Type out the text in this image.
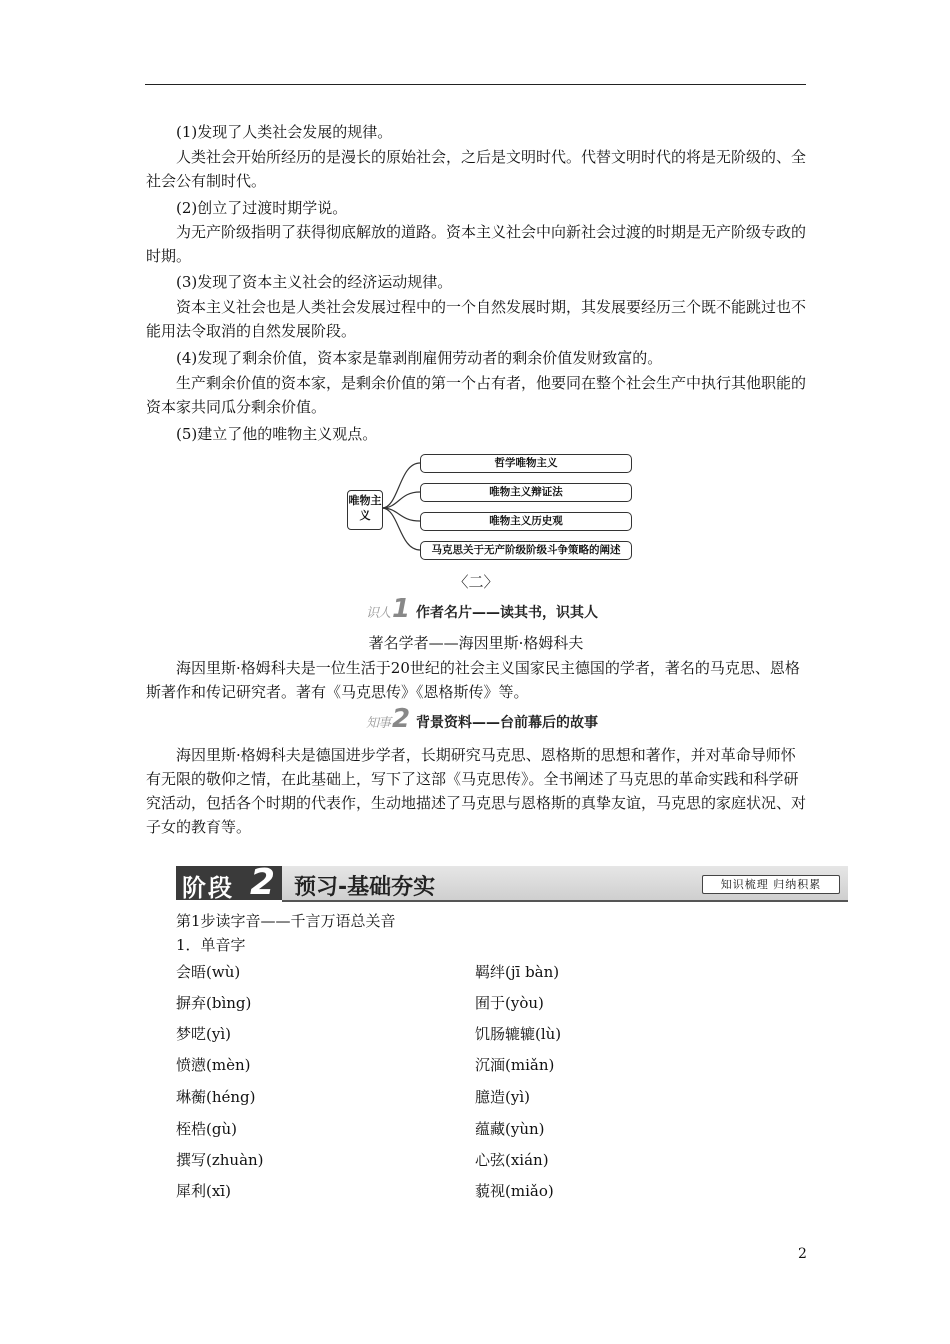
(1)发现了人类社会发展的规律。
人类社会开始所经历的是漫长的原始社会，之后是文明时代。代替文明时代的将是无阶级的、全社会公有制时代。
(2)创立了过渡时期学说。
为无产阶级指明了获得彻底解放的道路。资本主义社会中向新社会过渡的时期是无产阶级专政的时期。
(3)发现了资本主义社会的经济运动规律。
资本主义社会也是人类社会发展过程中的一个自然发展时期，其发展要经历三个既不能跳过也不能用法令取消的自然发展阶段。
(4)发现了剩余价值，资本家是靠剥削雇佣劳动者的剩余价值发财致富的。
生产剩余价值的资本家，是剩余价值的第一个占有者，他要同在整个社会生产中执行其他职能的资本家共同瓜分剩余价值。
(5)建立了他的唯物主义观点。
唯物主义
哲学唯物主义
唯物主义辩证法
唯物主义历史观
马克思关于无产阶级阶级斗争策略的阐述
〈二〉
识人 1 作者名片——读其书，识其人
著名学者——海因里斯·格姆科夫
海因里斯·格姆科夫是一位生活于20世纪的社会主义国家民主德国的学者，著名的马克思、恩格斯著作和传记研究者。著有《马克思传》《恩格斯传》等。
知事 2 背景资料——台前幕后的故事
海因里斯·格姆科夫是德国进步学者，长期研究马克思、恩格斯的思想和著作，并对革命导师怀有无限的敬仰之情，在此基础上，写下了这部《马克思传》。全书阐述了马克思的革命实践和科学研究活动，包括各个时期的代表作，生动地描述了马克思与恩格斯的真挚友谊，马克思的家庭状况、对子女的教育等。
阶段 2 预习-基础夯实	知识梳理 归纳积累
第1步读字音——千言万语总关音
1．单音字
会晤(wù)
摒弃(bìng)
梦呓(yì)
愤懑(mèn)
琳蘅(héng)
桎梏(gù)
撰写(zhuàn)
犀利(xī)
羁绊(jī bàn)
囿于(yòu)
饥肠辘辘(lù)
沉湎(miǎn)
臆造(yì)
蕴藏(yùn)
心弦(xián)
藐视(miǎo)
2
